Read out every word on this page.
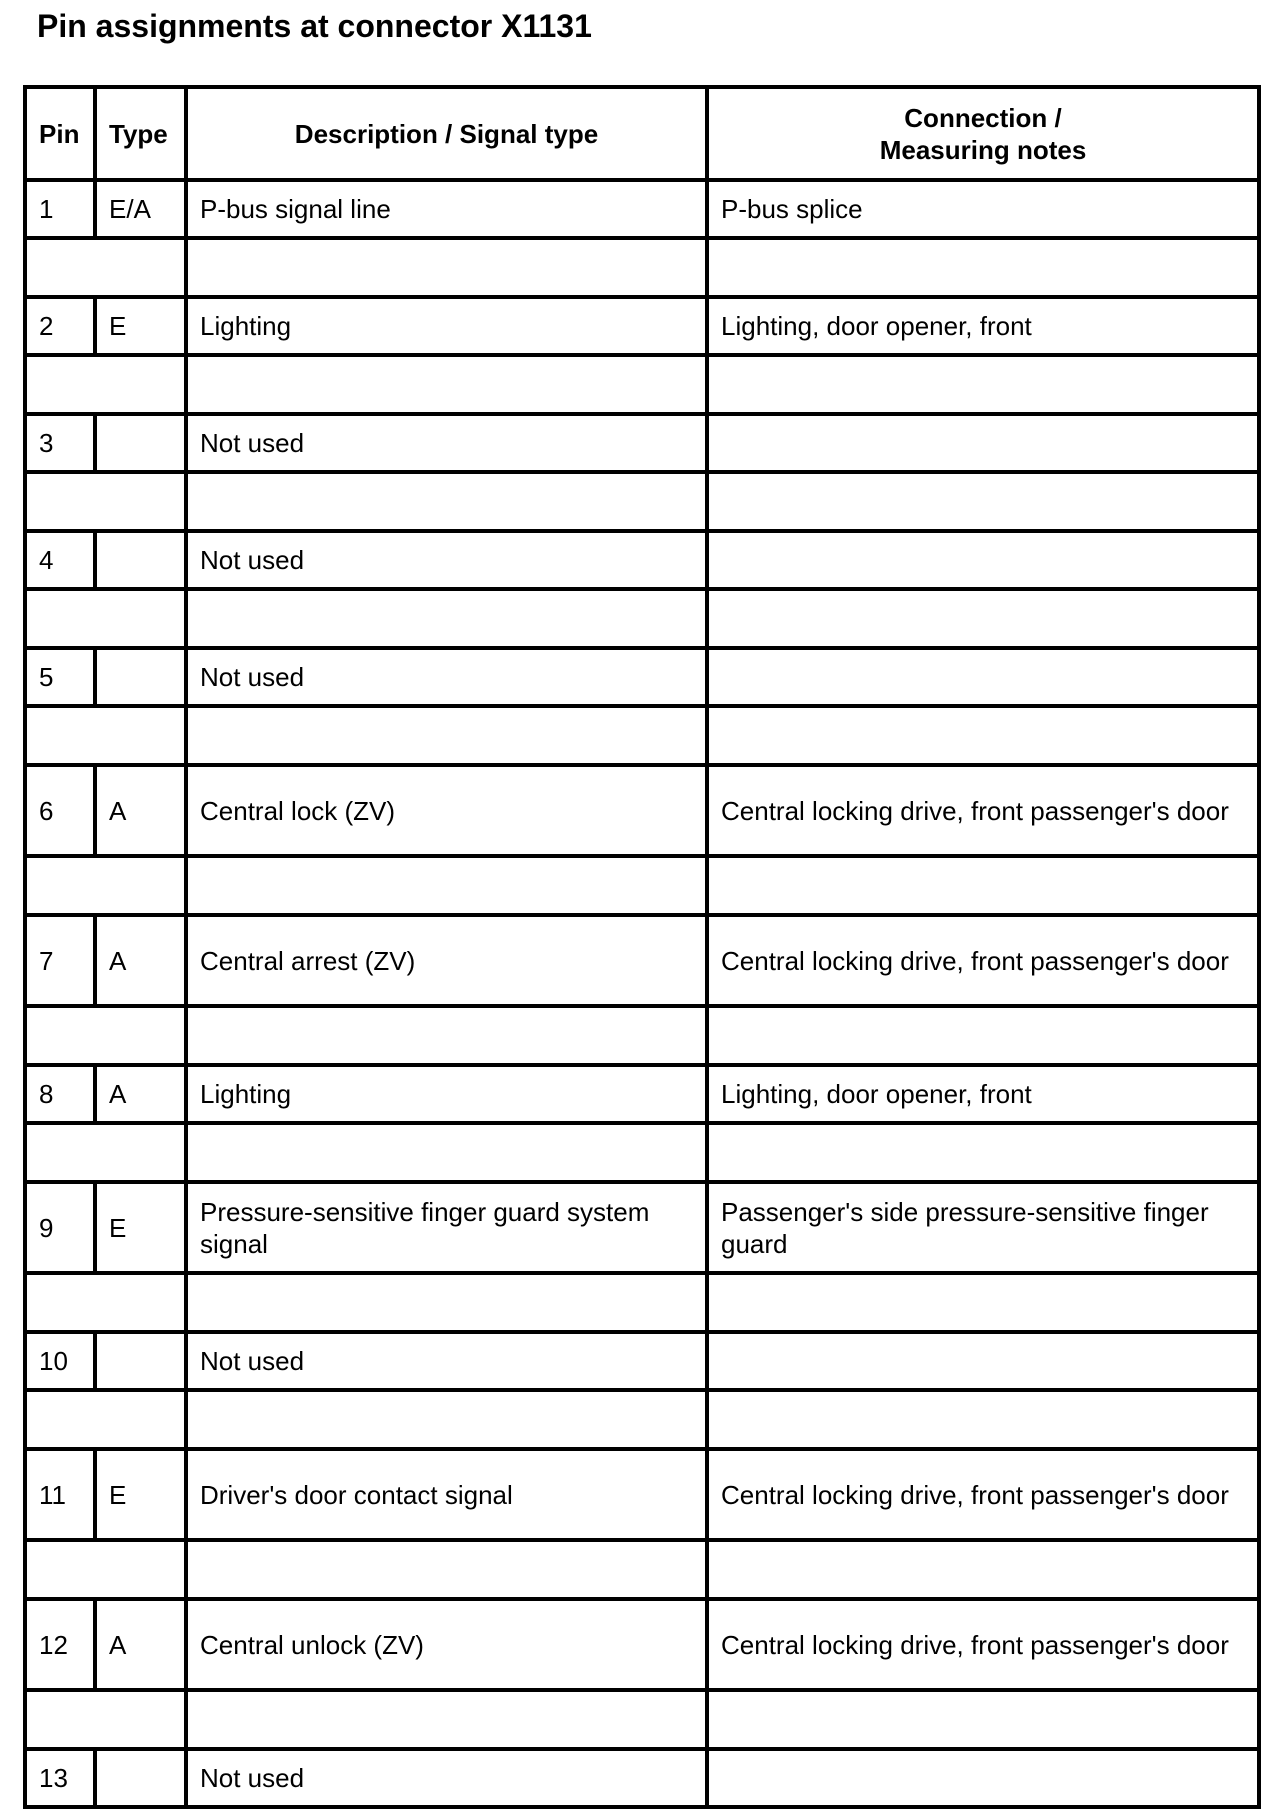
Pin assignments at connector X1131
Pin	Type	Description / Signal type	Connection /
Measuring notes
1	E/A	P-bus signal line	P-bus splice

2	E	Lighting	Lighting, door opener, front

3		Not used	

4		Not used	

5		Not used	

6	A	Central lock (ZV)	Central locking drive, front passenger's door

7	A	Central arrest (ZV)	Central locking drive, front passenger's door

8	A	Lighting	Lighting, door opener, front

9	E	Pressure-sensitive finger guard system signal	Passenger's side pressure-sensitive finger guard

10		Not used	

11	E	Driver's door contact signal	Central locking drive, front passenger's door

12	A	Central unlock (ZV)	Central locking drive, front passenger's door

13		Not used	
